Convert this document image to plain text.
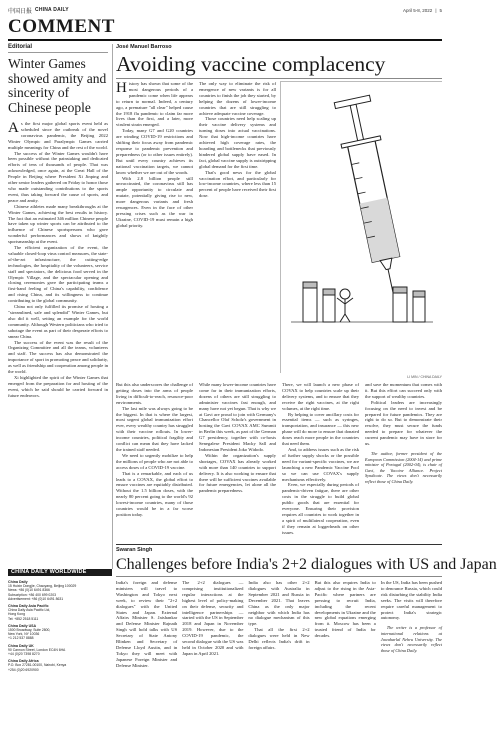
中国日报 CHINA DAILY	April 5-8, 2022 | 5
COMMENT
Editorial
Winter Games showed amity and sincerity of Chinese people

As the first major global sports event held as scheduled since the outbreak of the novel coronavirus pandemic, the Beijing 2022 Winter Olympic and Paralympic Games carried multiple meanings for China and the rest of the world.

The success of the Winter Games wouldn't have been possible without the painstaking and dedicated efforts of tens of thousands of people. That was acknowledged, once again, at the Great Hall of the People in Beijing where President Xi Jinping and other senior leaders gathered on Friday to honor those who made outstanding contributions to the sports event, thus taking forward the cause of sports, and peace and amity.

Chinese athletes made many breakthroughs at the Winter Games, achieving the best results in history. The fact that an estimated 346 million Chinese people have taken up winter sports can be attributed to the influence of Chinese sportspersons who gave wonderful performances and shows of knightly sportsmanship at the event.

The efficient organization of the event, the valuable closed-loop virus control measures, the state-of-the-art infrastructure, the cutting-edge technologies, the hospitality of the volunteers, service staff and spectators, the delicious food served in the Olympic Village, and the spectacular opening and closing ceremonies gave the participating teams a first-hand feeling of China's capability, confidence and rising China, and its willingness to continue contributing to the global community.

China not only fulfilled its promise of hosting a "streamlined, safe and splendid" Winter Games, but also did it well, setting an example for the world community. Although Western politicians who tried to sabotage the event as part of their desperate efforts to smear China.

The success of the event was the result of the Organizing Committee and all the teams, volunteers and staff. The success has also demonstrated the importance of sport in promoting peace and solidarity, as well as friendship and cooperation among people in the world.

Xi highlighted the spirit of the Winter Games that emerged from the preparation for and hosting of the event, which he said should be carried forward in future endeavors.

CHINA DAILY WORLDWIDE
China Daily
15 Huixin Dongjie, Chaoyang, Beijing 100029
News: +86 (0)10 6491 8366
Subscription: +86 400 699 0203
Advertisement: +86 (0)10 6491 8631
China Daily Asia Pacific
China Daily Asia Pacific Ltd,
Hong Kong
Tel: +852 2518 5111
China Daily USA
1500 Broadway, Suite 2800,
New York, NY 10036
+1 212 537 8888
China Daily UK
90 Cannon Street, London EC4N 6HA
+44 (0)20 7398 8270
China Daily Africa
P.O. Box 27281-00100, Nairobi, Kenya
+254 (0)20 6920900
José Manuel Barroso
Avoiding vaccine complacency

History has shown that some of the most dangerous periods of a pandemic come when life appears to return to normal. Indeed, a century ago, a premature "all clear" helped cause the 1918 flu pandemic to claim far more lives than the first, and a later, more virulent strain emerged.

Today, many G7 and G20 countries are winding COVID-19 restrictions and shifting their focus away from pandemic response to pandemic prevention and preparedness (or to other issues entirely). But until every country achieves its national vaccination targets, we cannot know whether we are out of the woods.

With 2.8 billion people still unvaccinated, the coronavirus still has ample opportunity to circulate and mutate, potentially giving rise to new, more dangerous variants and fresh resurgences. Even in the face of other pressing crises such as the war in Ukraine, COVID-19 must remain a high global priority.

The only way to eliminate the risk of emergence of new variants is for all countries to finish the job they started, by helping the dozens of lower-income countries that are still struggling to achieve adequate vaccine coverage.

Those countries need help scaling up their vaccine delivery systems and turning doses into actual vaccinations. Now that high-income countries have achieved high coverage rates, the hoarding and bottlenecks that previously hindered global supply have eased. In fact, global vaccine supply is outstripping global demand for the first time.

That's good news for the global vaccination effort, and particularly for low-income countries, where less than 15 percent of people have received their first dose.

LI MIN / CHINA DAILY

But this also underscores the challenge of getting doses into the arms of people living in difficult-to-reach, resource-poor environments.

The last mile was always going to be the biggest. In that is where the largest, most urgent global immunization effort ever, every wealthy country has struggled with their vaccine rollouts. In lower-income countries, political fragility and conflict can mean that they have lacked the trained staff needed.

We need to urgently mobilize to help the millions of people who are not able to access doses of a COVID-19 vaccine.

That is a remarkable, and each of us leads to a COVAX, the global effort to ensure vaccines are equitably distributed. Without the 1.5 billion doses, with the nearly 80 percent going to the world's 92 lowest-income countries, many of those countries would be in a far worse position today.

While many lower-income countries have come far in their immunization efforts, dozens of others are still struggling to administer vaccines fast enough, and many have not yet begun. That is why we at Gavi are proud to join with Germany's Chancellor Olaf Scholz's government in hosting the Gavi COVAX AMC Summit in Berlin this week, as part of the German G7 presidency, together with co-hosts Senegalese President Macky Sall and Indonesian President Joko Widodo.

Within the organization's supply shortages, COVAX has already worked with more than 140 countries to support delivery. It is also working to ensure that there will be sufficient vaccines available for future emergencies, let alone all the pandemic preparedness.

There, we will launch a new phase of COVAX to help countries scale up their delivery systems, and to ensure that they receive the right vaccines, at the right volumes, at the right time.

By helping to cover ancillary costs for essential items — such as syringes, transportation, and insurance — this new phase will do more to ensure that donated doses reach more people in the countries that need them.

And, to address issues such as the risk of further supply shocks or the possible need for variant-specific vaccines, we are launching a new Pandemic Vaccine Pool so we can use COVAX's supply mechanisms effectively.

Even, we especially during periods of pandemic-driven fatigue, there are other costs in the struggle to build global public goods that are essential for everyone. Ensuring their provision requires all countries to work together in a spirit of multilateral cooperation, even if they remain at loggerheads on other issues.

and save the momentum that comes with it. But this effort can succeed only with the support of wealthy countries.

Political leaders are increasingly focusing on the need to invest and be prepared for future pandemics. They are right to do so. But to demonstrate their resolve, they must secure the funds needed to prepare for whatever the current pandemic may have in store for us.

The author, former president of the European Commission (2004-14) and prime minister of Portugal (2002-04), is chair of Gavi, the Vaccine Alliance. Project Syndicate. The views don't necessarily reflect those of China Daily.

Swaran Singh
Challenges before India's 2+2 dialogues with US and Japan

India's foreign and defense ministers will travel to Washington and Tokyo next week, to review their "2+2 dialogues" with the United States and Japan. External Affairs Minister S. Jaishankar and Defense Minister Rajnath Singh will hold talks with US Secretary of State Antony Blinken and Secretary of Defense Lloyd Austin, and in Tokyo they will meet with Japanese Foreign Minister and Defense Minister.

The 2+2 dialogues — comprising institutionalized regular interactions at the highest level of policy-making on their defense, security and intelligence partnerships — started with the US in September 2018 and Japan in November 2019. However, due to the COVID-19 pandemic, the second dialogue with the US was held in October 2020 and with Japan in April 2021.

India also has other 2+2 dialogues with Australia in September 2021 and Russia in December 2021. That leaves China as the only major neighbor with which India has no dialogue mechanism of this type.

That all the first 2+2 dialogues were held in New Delhi reflects India's drift in foreign affairs.

But this also requires India to adjust to the rising in the Asia-Pacific where partners are pressing to recruit India, including the recent developments in Ukraine and the new global equations emerging from it. Moscow has been a trusted friend of India for decades.

In the US, India has been pushed to denounce Russia, which could risk disturbing the stability India seeks. The visits will therefore require careful management to protect India's strategic autonomy.

The writer is a professor of international relations at Jawaharlal Nehru University. The views don't necessarily reflect those of China Daily.
